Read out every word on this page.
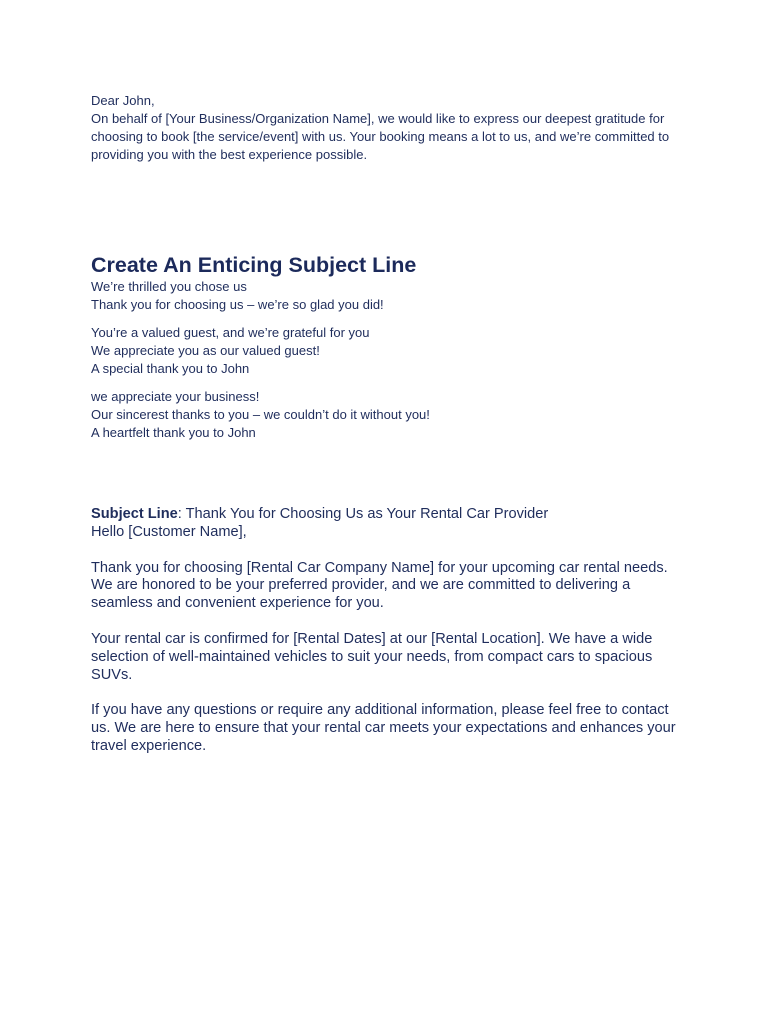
Dear John,

On behalf of [Your Business/Organization Name], we would like to express our deepest gratitude for choosing to book [the service/event] with us. Your booking means a lot to us, and we’re committed to providing you with the best experience possible.

Create An Enticing Subject Line
We’re thrilled you chose us
Thank you for choosing us – we’re so glad you did!
You’re a valued guest, and we’re grateful for you
We appreciate you as our valued guest!
A special thank you to John
we appreciate your business!
Our sincerest thanks to you – we couldn’t do it without you!
A heartfelt thank you to John

Subject Line: Thank You for Choosing Us as Your Rental Car Provider

Hello [Customer Name],

Thank you for choosing [Rental Car Company Name] for your upcoming car rental needs. We are honored to be your preferred provider, and we are committed to delivering a seamless and convenient experience for you.

Your rental car is confirmed for [Rental Dates] at our [Rental Location]. We have a wide selection of well-maintained vehicles to suit your needs, from compact cars to spacious SUVs.

If you have any questions or require any additional information, please feel free to contact us. We are here to ensure that your rental car meets your expectations and enhances your travel experience.
